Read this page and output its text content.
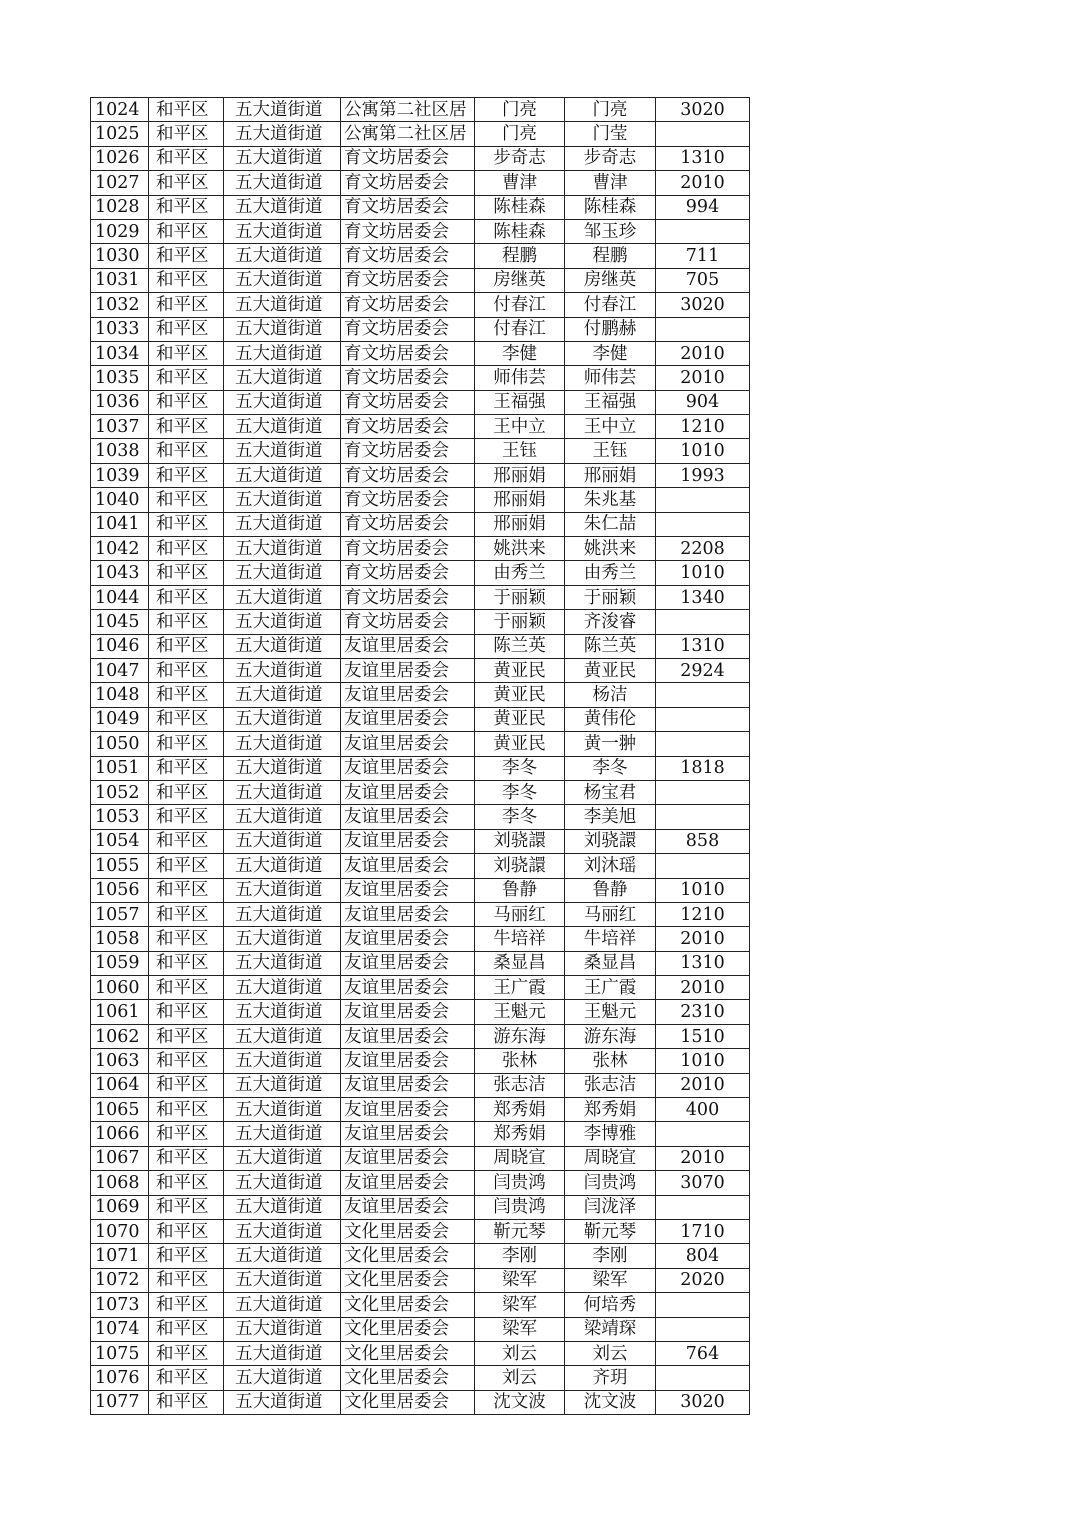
1024	和平区	五大道街道	公寓第二社区居	门亮	门亮	3020
1025	和平区	五大道街道	公寓第二社区居	门亮	门莹	
1026	和平区	五大道街道	育文坊居委会	步奇志	步奇志	1310
1027	和平区	五大道街道	育文坊居委会	曹津	曹津	2010
1028	和平区	五大道街道	育文坊居委会	陈桂森	陈桂森	994
1029	和平区	五大道街道	育文坊居委会	陈桂森	邹玉珍	
1030	和平区	五大道街道	育文坊居委会	程鹏	程鹏	711
1031	和平区	五大道街道	育文坊居委会	房继英	房继英	705
1032	和平区	五大道街道	育文坊居委会	付春江	付春江	3020
1033	和平区	五大道街道	育文坊居委会	付春江	付鹏赫	
1034	和平区	五大道街道	育文坊居委会	李健	李健	2010
1035	和平区	五大道街道	育文坊居委会	师伟芸	师伟芸	2010
1036	和平区	五大道街道	育文坊居委会	王福强	王福强	904
1037	和平区	五大道街道	育文坊居委会	王中立	王中立	1210
1038	和平区	五大道街道	育文坊居委会	王钰	王钰	1010
1039	和平区	五大道街道	育文坊居委会	邢丽娟	邢丽娟	1993
1040	和平区	五大道街道	育文坊居委会	邢丽娟	朱兆基	
1041	和平区	五大道街道	育文坊居委会	邢丽娟	朱仁喆	
1042	和平区	五大道街道	育文坊居委会	姚洪来	姚洪来	2208
1043	和平区	五大道街道	育文坊居委会	由秀兰	由秀兰	1010
1044	和平区	五大道街道	育文坊居委会	于丽颖	于丽颖	1340
1045	和平区	五大道街道	育文坊居委会	于丽颖	齐浚睿	
1046	和平区	五大道街道	友谊里居委会	陈兰英	陈兰英	1310
1047	和平区	五大道街道	友谊里居委会	黄亚民	黄亚民	2924
1048	和平区	五大道街道	友谊里居委会	黄亚民	杨洁	
1049	和平区	五大道街道	友谊里居委会	黄亚民	黄伟伦	
1050	和平区	五大道街道	友谊里居委会	黄亚民	黄一翀	
1051	和平区	五大道街道	友谊里居委会	李冬	李冬	1818
1052	和平区	五大道街道	友谊里居委会	李冬	杨宝君	
1053	和平区	五大道街道	友谊里居委会	李冬	李美旭	
1054	和平区	五大道街道	友谊里居委会	刘骁譞	刘骁譞	858
1055	和平区	五大道街道	友谊里居委会	刘骁譞	刘沐瑶	
1056	和平区	五大道街道	友谊里居委会	鲁静	鲁静	1010
1057	和平区	五大道街道	友谊里居委会	马丽红	马丽红	1210
1058	和平区	五大道街道	友谊里居委会	牛培祥	牛培祥	2010
1059	和平区	五大道街道	友谊里居委会	桑显昌	桑显昌	1310
1060	和平区	五大道街道	友谊里居委会	王广霞	王广霞	2010
1061	和平区	五大道街道	友谊里居委会	王魁元	王魁元	2310
1062	和平区	五大道街道	友谊里居委会	游东海	游东海	1510
1063	和平区	五大道街道	友谊里居委会	张林	张林	1010
1064	和平区	五大道街道	友谊里居委会	张志洁	张志洁	2010
1065	和平区	五大道街道	友谊里居委会	郑秀娟	郑秀娟	400
1066	和平区	五大道街道	友谊里居委会	郑秀娟	李博雅	
1067	和平区	五大道街道	友谊里居委会	周晓宣	周晓宣	2010
1068	和平区	五大道街道	友谊里居委会	闫贵鸿	闫贵鸿	3070
1069	和平区	五大道街道	友谊里居委会	闫贵鸿	闫泷泽	
1070	和平区	五大道街道	文化里居委会	靳元琴	靳元琴	1710
1071	和平区	五大道街道	文化里居委会	李刚	李刚	804
1072	和平区	五大道街道	文化里居委会	梁军	梁军	2020
1073	和平区	五大道街道	文化里居委会	梁军	何培秀	
1074	和平区	五大道街道	文化里居委会	梁军	梁靖琛	
1075	和平区	五大道街道	文化里居委会	刘云	刘云	764
1076	和平区	五大道街道	文化里居委会	刘云	齐玥	
1077	和平区	五大道街道	文化里居委会	沈文波	沈文波	3020
